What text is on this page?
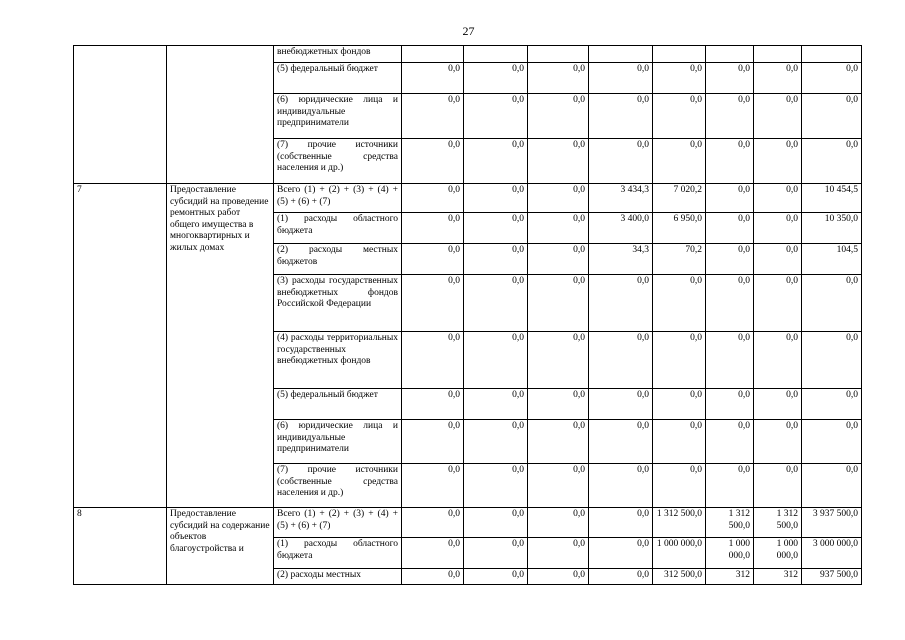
27
		внебюджетных фондов								
		(5) федеральный бюджет	0,0	0,0	0,0	0,0	0,0	0,0	0,0	0,0
		(6) юридические лица и индивидуальные предприниматели	0,0	0,0	0,0	0,0	0,0	0,0	0,0	0,0
		(7) прочие источники (собственные средства населения и др.)	0,0	0,0	0,0	0,0	0,0	0,0	0,0	0,0
7	Предоставление субсидий на проведение ремонтных работ общего имущества в многоквартирных и жилых домах	Всего (1) + (2) + (3) + (4) + (5) + (6) + (7)	0,0	0,0	0,0	3 434,3	7 020,2	0,0	0,0	10 454,5
		(1) расходы областного бюджета	0,0	0,0	0,0	3 400,0	6 950,0	0,0	0,0	10 350,0
		(2) расходы местных бюджетов	0,0	0,0	0,0	34,3	70,2	0,0	0,0	104,5
		(3) расходы государственных внебюджетных фондов Российской Федерации	0,0	0,0	0,0	0,0	0,0	0,0	0,0	0,0
		(4) расходы территориальных государственных внебюджетных фондов	0,0	0,0	0,0	0,0	0,0	0,0	0,0	0,0
		(5) федеральный бюджет	0,0	0,0	0,0	0,0	0,0	0,0	0,0	0,0
		(6) юридические лица и индивидуальные предприниматели	0,0	0,0	0,0	0,0	0,0	0,0	0,0	0,0
		(7) прочие источники (собственные средства населения и др.)	0,0	0,0	0,0	0,0	0,0	0,0	0,0	0,0
8	Предоставление субсидий на содержание объектов благоустройства и	Всего (1) + (2) + (3) + (4) + (5) + (6) + (7)	0,0	0,0	0,0	0,0	1 312 500,0	1 312 500,0	1 312 500,0	3 937 500,0
		(1) расходы областного бюджета	0,0	0,0	0,0	0,0	1 000 000,0	1 000 000,0	1 000 000,0	3 000 000,0
		(2) расходы местных	0,0	0,0	0,0	0,0	312 500,0	312	312	937 500,0
